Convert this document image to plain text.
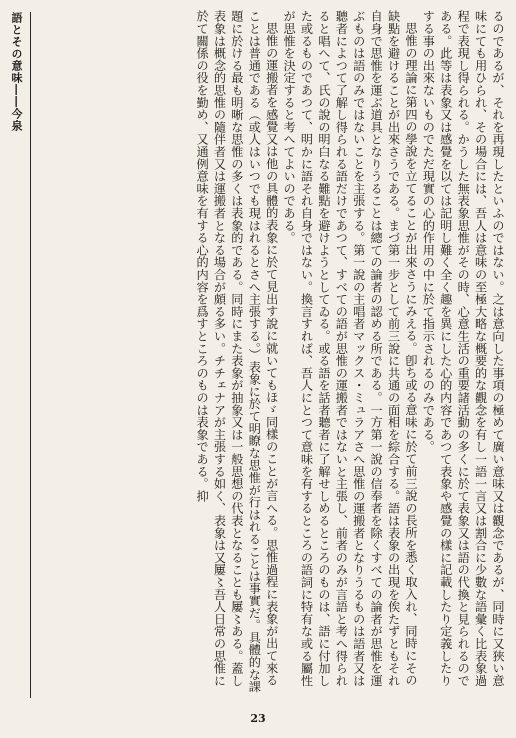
語とその意味――今泉	るのであるが、それを再現したといふのではない。之は意向した事項の極めて廣い意味又は觀念であるが、同時に又狹い意味にても用ひられ、その場合には、吾人は意味の至極大略な概要的な觀念を有し一語一言又は割合に少數な語彙く比表象過程で表現し得られる。かうした無表象思惟がその時、心意生活の重要諸活動の多くに於て表象又は語の代換と見られるのである。此等は表象又は感覺を以ては記明し難く全く趣を異にした心的内容であつて表象や感覺の樣に記載したり定義したりする事の出來ないものでただ現實の心的作用の中に於て指示されるのみである。

思惟の理論に第四の學說を立てることが出來さうにみえる。卽ち或る意味に於て前三說の長所を悉く取入れ、同時にその缺點を避けることが出來さうである。まづ第一步として前三說に共通の面相を綜合する。語は表象の出現を俟たずともそれ自身で思惟を運ぶ道具となりうることは總ての論者の認める所である。一方第一說の信奉者を除くすべての論者が思惟を運ぶものは語のみではないことを主張する。第一說の主唱者マックス・ミュラアさへ思惟の運搬者となりうるものは語者又は聽者によつて了解し得られる語だけであつて、すべての語が思惟の運搬者ではないと主張し、前者のみが言語と考へ得られると唱へて、氏の說の明白なる難點を避けようとしてゐる。或る語を話者聽者に了解せしめるところのものは、語に付加した或るものであつて、明かに語それ自身ではない。換言すれば、吾人にとつて意味を有するところの語詞に特有な或る屬性が思惟を決定すると考へてよいのである。

思惟の運搬者を感覺又は他の具體的表象に於て見出す說に就いてもほゞ同樣のことが言へる。思惟過程に表象が出て來ることは普通である（或人はいつでも現はれるとさへ主張する。）表象に於て明瞭な思惟が行はれることは事實だ。具體的な課題に於ける最も明晰な思惟の多くは表象的である。同時にまた表象が抽象又は一般思想の代表となることも屢〻ある。蓋し表象は概念的思惟の隨伴者又は運搬者となる場合が頗る多い。チチェナアが主張する如く、表象は又屢〻吾人日常の思惟に於て關係の役を勤め、又通例意味を有する心的内容を爲すところのものは表象である。抑

23
